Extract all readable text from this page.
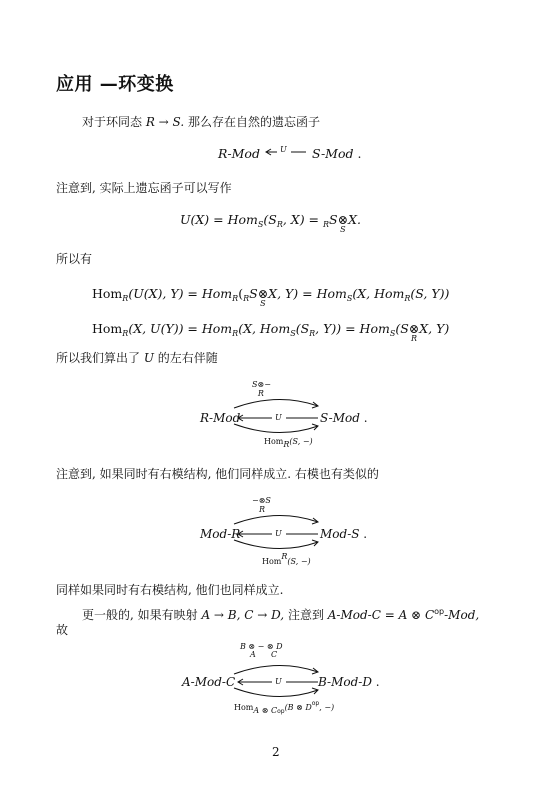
应用 —环变换
对于环同态 R → S. 那么存在自然的遗忘函子
R-Mod U S-Mod .
注意到, 实际上遗忘函子可以写作
$U(X) = Hom_S(S_R$, X) = $_R$S⊗
S
X.
所以有
Hom$_R$(U(X), $Y) = Hom_R(_RS\otimes$
S
X, Y) = Hom$_S$(X, Hom$_R$(S, Y))
Hom$_R$(X, U(Y)) = Hom$_R$(X, $Hom_S(S_R$, Y)) = Hom$_S$(S⊗
R
X, Y)
所以我们算出了 U 的左右伴随
S⊗
R
−
R-Mod	U	S-Mod .
HomR(S, −)
注意到, 如果同时有右模结构, 他们同样成立. 右模也有类似的
−⊗
R
S
Mod-R	U	Mod-S .
HomR(S, −)
同样如果同时有右模结构, 他们也同样成立.
更一般的, 如果有映射 A → B, C → D, 注意到 A-Mod-C = A ⊗ $C^{op}$-Mod,
故
B ⊗ − ⊗ D
A C
A-Mod-C	U	B-Mod-D .
HomA ⊗ $C_{op}(B$ ⊗ $D^{op}$, −)
2
